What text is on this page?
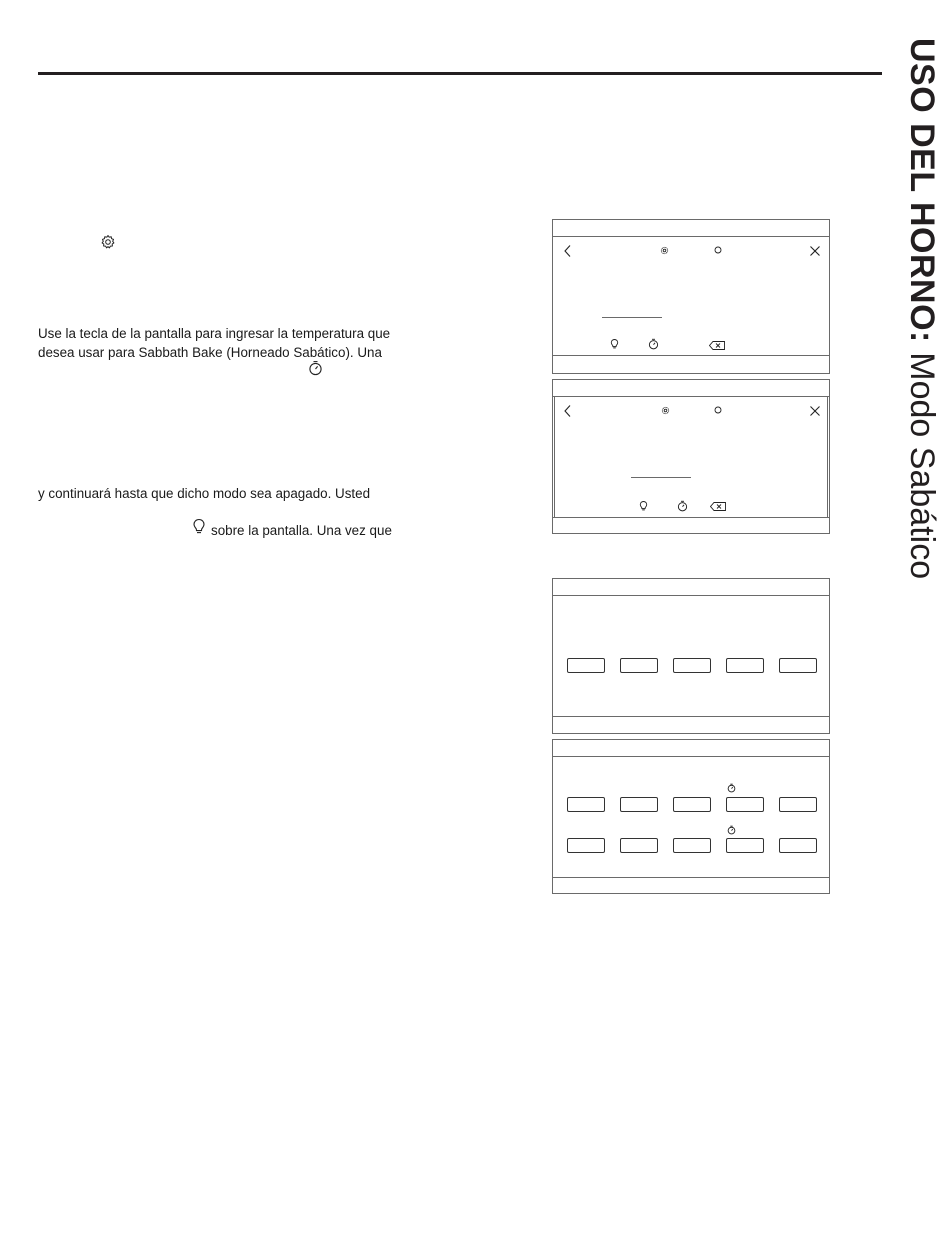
USO DEL HORNO: Modo Sabático
Use la tecla de la pantalla para ingresar la temperatura que
desea usar para Sabbath Bake (Horneado Sabático). Una
y continuará hasta que dicho modo sea apagado. Usted
sobre la pantalla. Una vez que
